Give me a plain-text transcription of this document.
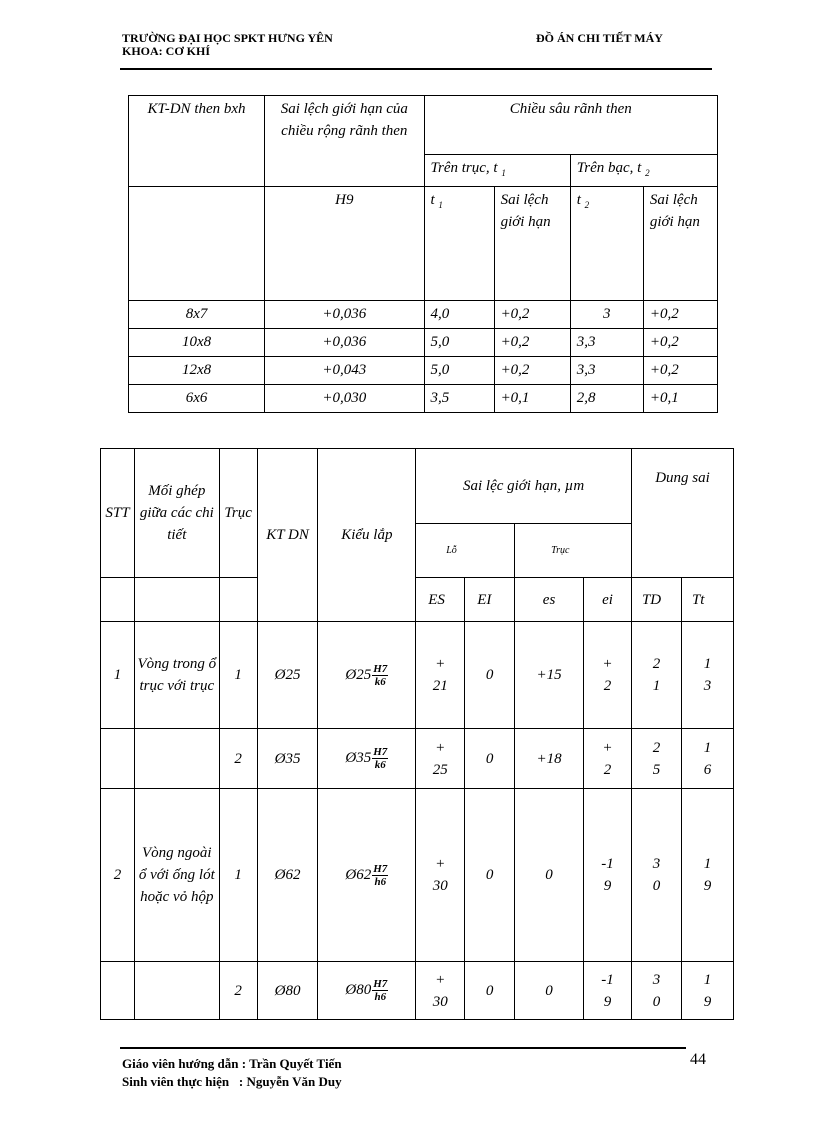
TRƯỜNG ĐẠI HỌC SPKT HƯNG YÊN
KHOA: CƠ KHÍ
ĐỒ ÁN CHI TIẾT MÁY
KT-DN then bxh	Sai lệch giới hạn của chiều rộng rãnh then	Chiều sâu rãnh then			
		Trên trục, t $_1$		Trên bạc, t $_2$
	H9	t $_1$	Sai lệch giới hạn	t $_2$	Sai lệch giới hạn
8x7	+0,036	4,0	+0,2	3	+0,2
10x8	+0,036	5,0	+0,2	3,3	+0,2
12x8	+0,043	5,0	+0,2	3,3	+0,2
6x6	+0,030	3,5	+0,1	2,8	+0,1
STT	Mối ghép giữa các chi tiết	Trục	KT DN	Kiểu lắp	Sai lệc giới hạn, µm				Dung sai	
					Lỗ		Trục			
					ES	EI	es	ei	TD	Tt
1	Vòng trong ổ trục với trục	1	Ø25	Ø25 $\frac{H7}{k6}$	+21	0	+15	+2	21	13
		2	Ø35	Ø35 $\frac{H7}{k6}$	+25	0	+18	+2	25	16
2	Vòng ngoài ổ với ống lót hoặc vỏ hộp	1	Ø62	Ø62 $\frac{H7}{h6}$	+30	0	0	-19	30	19
		2	Ø80	Ø80 $\frac{H7}{h6}$	+30	0	0	-19	30	19
Giáo viên hướng dẫn : Trần Quyết Tiến
Sinh viên thực hiện   : Nguyễn Văn Duy
44
